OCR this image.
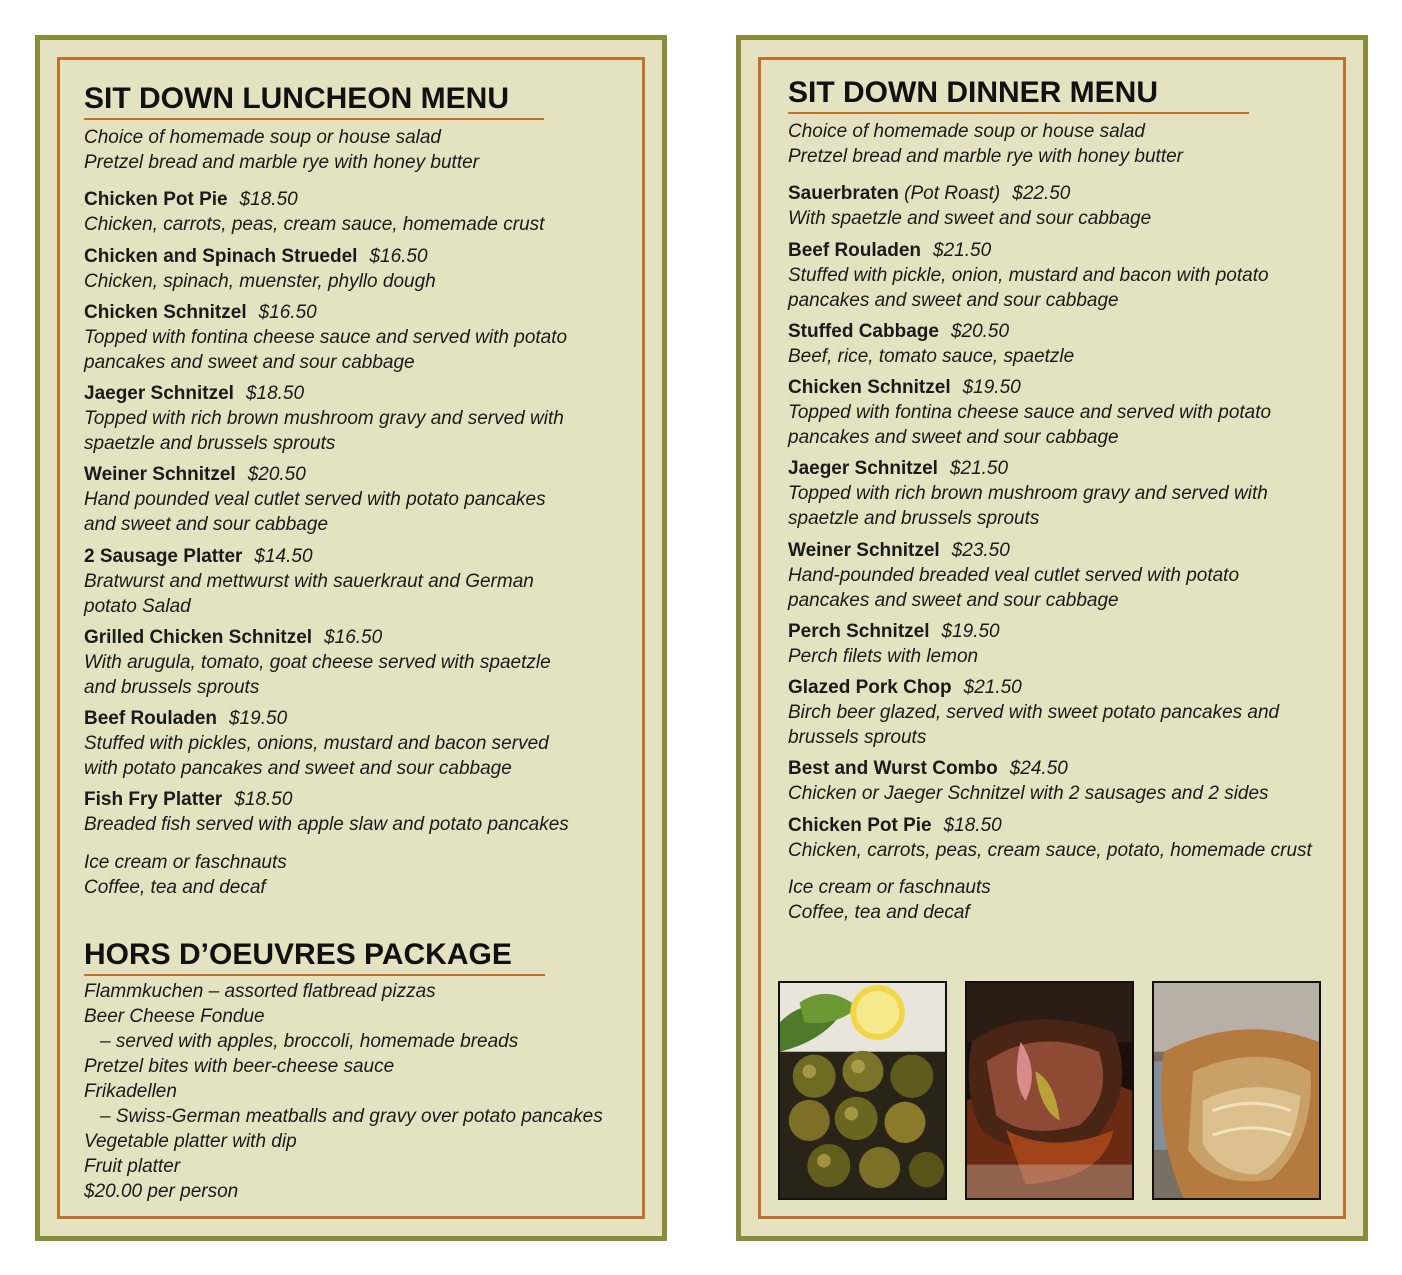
SIT DOWN LUNCHEON MENU

Choice of homemade soup or house salad

Pretzel bread and marble rye with honey butter

Chicken Pot Pie $18.50

Chicken, carrots, peas, cream sauce, homemade crust

Chicken and Spinach Struedel $16.50

Chicken, spinach, muenster, phyllo dough

Chicken Schnitzel $16.50

Topped with fontina cheese sauce and served with potato

pancakes and sweet and sour cabbage

Jaeger Schnitzel $18.50

Topped with rich brown mushroom gravy and served with

spaetzle and brussels sprouts

Weiner Schnitzel $20.50

Hand pounded veal cutlet served with potato pancakes

and sweet and sour cabbage

2 Sausage Platter $14.50

Bratwurst and mettwurst with sauerkraut and German

potato Salad

Grilled Chicken Schnitzel $16.50

With arugula, tomato, goat cheese served with spaetzle

and brussels sprouts

Beef Rouladen $19.50

Stuffed with pickles, onions, mustard and bacon served

with potato pancakes and sweet and sour cabbage

Fish Fry Platter $18.50

Breaded fish served with apple slaw and potato pancakes

Ice cream or faschnauts

Coffee, tea and decaf

HORS D’OEUVRES PACKAGE

Flammkuchen – assorted flatbread pizzas

Beer Cheese Fondue

– served with apples, broccoli, homemade breads

Pretzel bites with beer-cheese sauce

Frikadellen

– Swiss-German meatballs and gravy over potato pancakes

Vegetable platter with dip

Fruit platter

$20.00 per person

SIT DOWN DINNER MENU

Choice of homemade soup or house salad

Pretzel bread and marble rye with honey butter

Sauerbraten (Pot Roast) $22.50

With spaetzle and sweet and sour cabbage

Beef Rouladen $21.50

Stuffed with pickle, onion, mustard and bacon with potato

pancakes and sweet and sour cabbage

Stuffed Cabbage $20.50

Beef, rice, tomato sauce, spaetzle

Chicken Schnitzel $19.50

Topped with fontina cheese sauce and served with potato

pancakes and sweet and sour cabbage

Jaeger Schnitzel $21.50

Topped with rich brown mushroom gravy and served with

spaetzle and brussels sprouts

Weiner Schnitzel $23.50

Hand-pounded breaded veal cutlet served with potato

pancakes and sweet and sour cabbage

Perch Schnitzel $19.50

Perch filets with lemon

Glazed Pork Chop $21.50

Birch beer glazed, served with sweet potato pancakes and

brussels sprouts

Best and Wurst Combo $24.50

Chicken or Jaeger Schnitzel with 2 sausages and 2 sides

Chicken Pot Pie $18.50

Chicken, carrots, peas, cream sauce, potato, homemade crust

Ice cream or faschnauts

Coffee, tea and decaf
